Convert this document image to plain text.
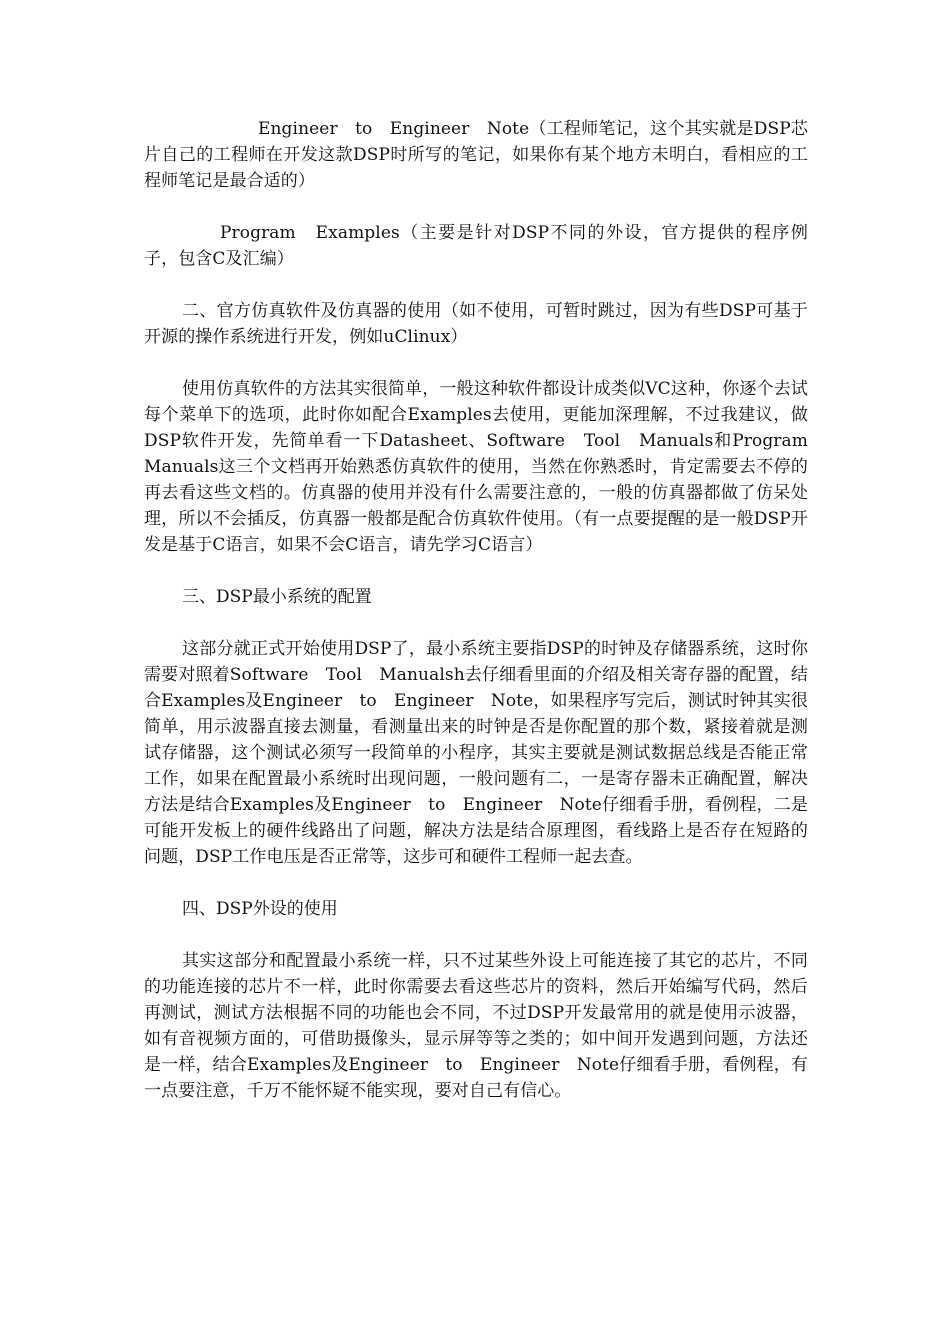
Engineer　to　Engineer　Note（工程师笔记，这个其实就是DSP芯片自己的工程师在开发这款DSP时所写的笔记，如果你有某个地方未明白，看相应的工程师笔记是最合适的）

Program　Examples（主要是针对DSP不同的外设，官方提供的程序例子，包含C及汇编）

二、官方仿真软件及仿真器的使用（如不使用，可暂时跳过，因为有些DSP可基于开源的操作系统进行开发，例如uClinux）

使用仿真软件的方法其实很简单，一般这种软件都设计成类似VC这种，你逐个去试每个菜单下的选项，此时你如配合Examples去使用，更能加深理解，不过我建议，做DSP软件开发，先简单看一下Datasheet、Software　Tool　Manuals和Program　Manuals这三个文档再开始熟悉仿真软件的使用，当然在你熟悉时，肯定需要去不停的再去看这些文档的。仿真器的使用并没有什么需要注意的，一般的仿真器都做了仿呆处理，所以不会插反，仿真器一般都是配合仿真软件使用。（有一点要提醒的是一般DSP开发是基于C语言，如果不会C语言，请先学习C语言）

三、DSP最小系统的配置

这部分就正式开始使用DSP了，最小系统主要指DSP的时钟及存储器系统，这时你需要对照着Software　Tool　Manualsh去仔细看里面的介绍及相关寄存器的配置，结合Examples及Engineer　to　Engineer　Note，如果程序写完后，测试时钟其实很简单，用示波器直接去测量，看测量出来的时钟是否是你配置的那个数，紧接着就是测试存储器，这个测试必须写一段简单的小程序，其实主要就是测试数据总线是否能正常工作，如果在配置最小系统时出现问题，一般问题有二，一是寄存器未正确配置，解决方法是结合Examples及Engineer　to　Engineer　Note仔细看手册，看例程，二是可能开发板上的硬件线路出了问题，解决方法是结合原理图，看线路上是否存在短路的问题，DSP工作电压是否正常等，这步可和硬件工程师一起去查。

四、DSP外设的使用

其实这部分和配置最小系统一样，只不过某些外设上可能连接了其它的芯片，不同的功能连接的芯片不一样，此时你需要去看这些芯片的资料，然后开始编写代码，然后再测试，测试方法根据不同的功能也会不同，不过DSP开发最常用的就是使用示波器，如有音视频方面的，可借助摄像头，显示屏等等之类的；如中间开发遇到问题，方法还是一样，结合Examples及Engineer　to　Engineer　Note仔细看手册，看例程，有一点要注意，千万不能怀疑不能实现，要对自己有信心。
